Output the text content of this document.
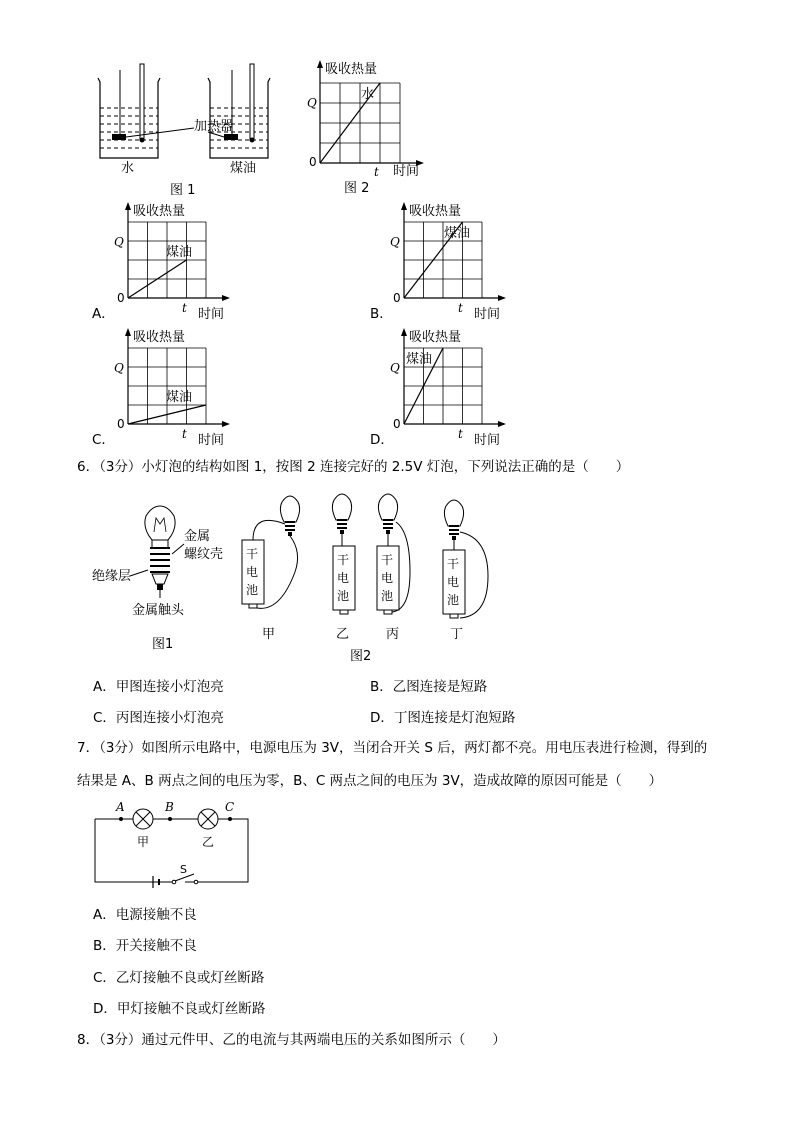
加热器
水	煤油
图 1
吸收热量
Q
0
t 时间
水
图 2
A．
吸收热量
Q
0
t 时间
煤油
B．
吸收热量
Q
0
t 时间
煤油
C．
吸收热量
Q
0
t 时间
煤油
D．
吸收热量
Q
0
t 时间
煤油
6．（3分）小灯泡的结构如图 1，按图 2 连接完好的 2.5V 灯泡，下列说法正确的是（　　）
金属
螺纹壳
绝缘层
金属触头
图1
干
电
池
甲
干
电
池
乙
干
电
池
丙
干
电
池
丁
图2
A．甲图连接小灯泡亮	B．乙图连接是短路
C．丙图连接小灯泡亮	D．丁图连接是灯泡短路
7．（3分）如图所示电路中，电源电压为 3V，当闭合开关 S 后，两灯都不亮。用电压表进行检测，得到的
结果是 A、B 两点之间的电压为零，B、C 两点之间的电压为 3V，造成故障的原因可能是（　　）
A	B	C
甲	乙
S
A．电源接触不良
B．开关接触不良
C．乙灯接触不良或灯丝断路
D．甲灯接触不良或灯丝断路
8．（3分）通过元件甲、乙的电流与其两端电压的关系如图所示（　　）
